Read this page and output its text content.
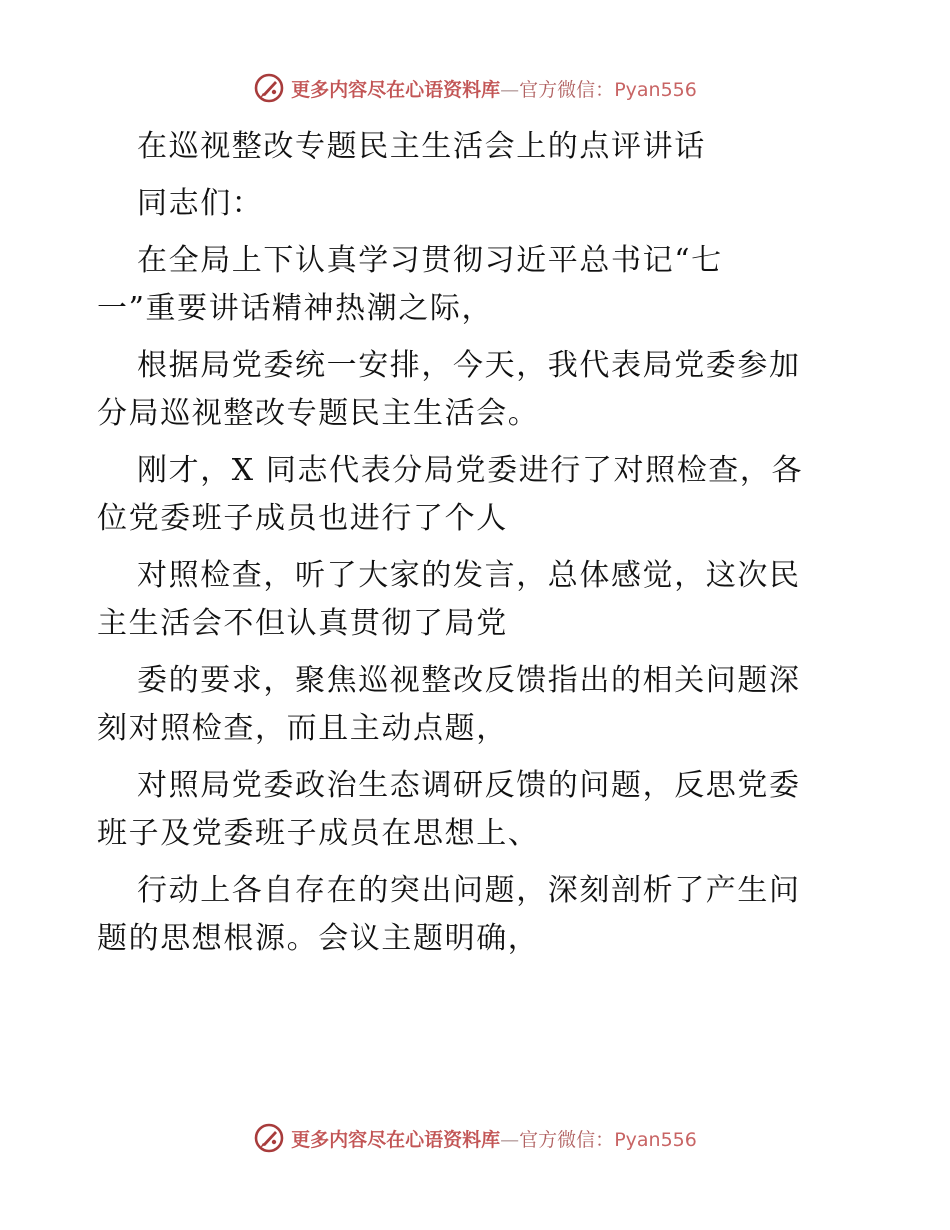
更多内容尽在心语资料库—官方微信：Pyan556
在巡视整改专题民主生活会上的点评讲话
同志们：
在全局上下认真学习贯彻习近平总书记“七
一”重要讲话精神热潮之际，
根据局党委统一安排，今天，我代表局党委参加
分局巡视整改专题民主生活会。
刚才，X 同志代表分局党委进行了对照检查，各
位党委班子成员也进行了个人
对照检查，听了大家的发言，总体感觉，这次民
主生活会不但认真贯彻了局党
委的要求，聚焦巡视整改反馈指出的相关问题深
刻对照检查，而且主动点题，
对照局党委政治生态调研反馈的问题，反思党委
班子及党委班子成员在思想上、
行动上各自存在的突出问题，深刻剖析了产生问
题的思想根源。会议主题明确，
更多内容尽在心语资料库—官方微信：Pyan556
